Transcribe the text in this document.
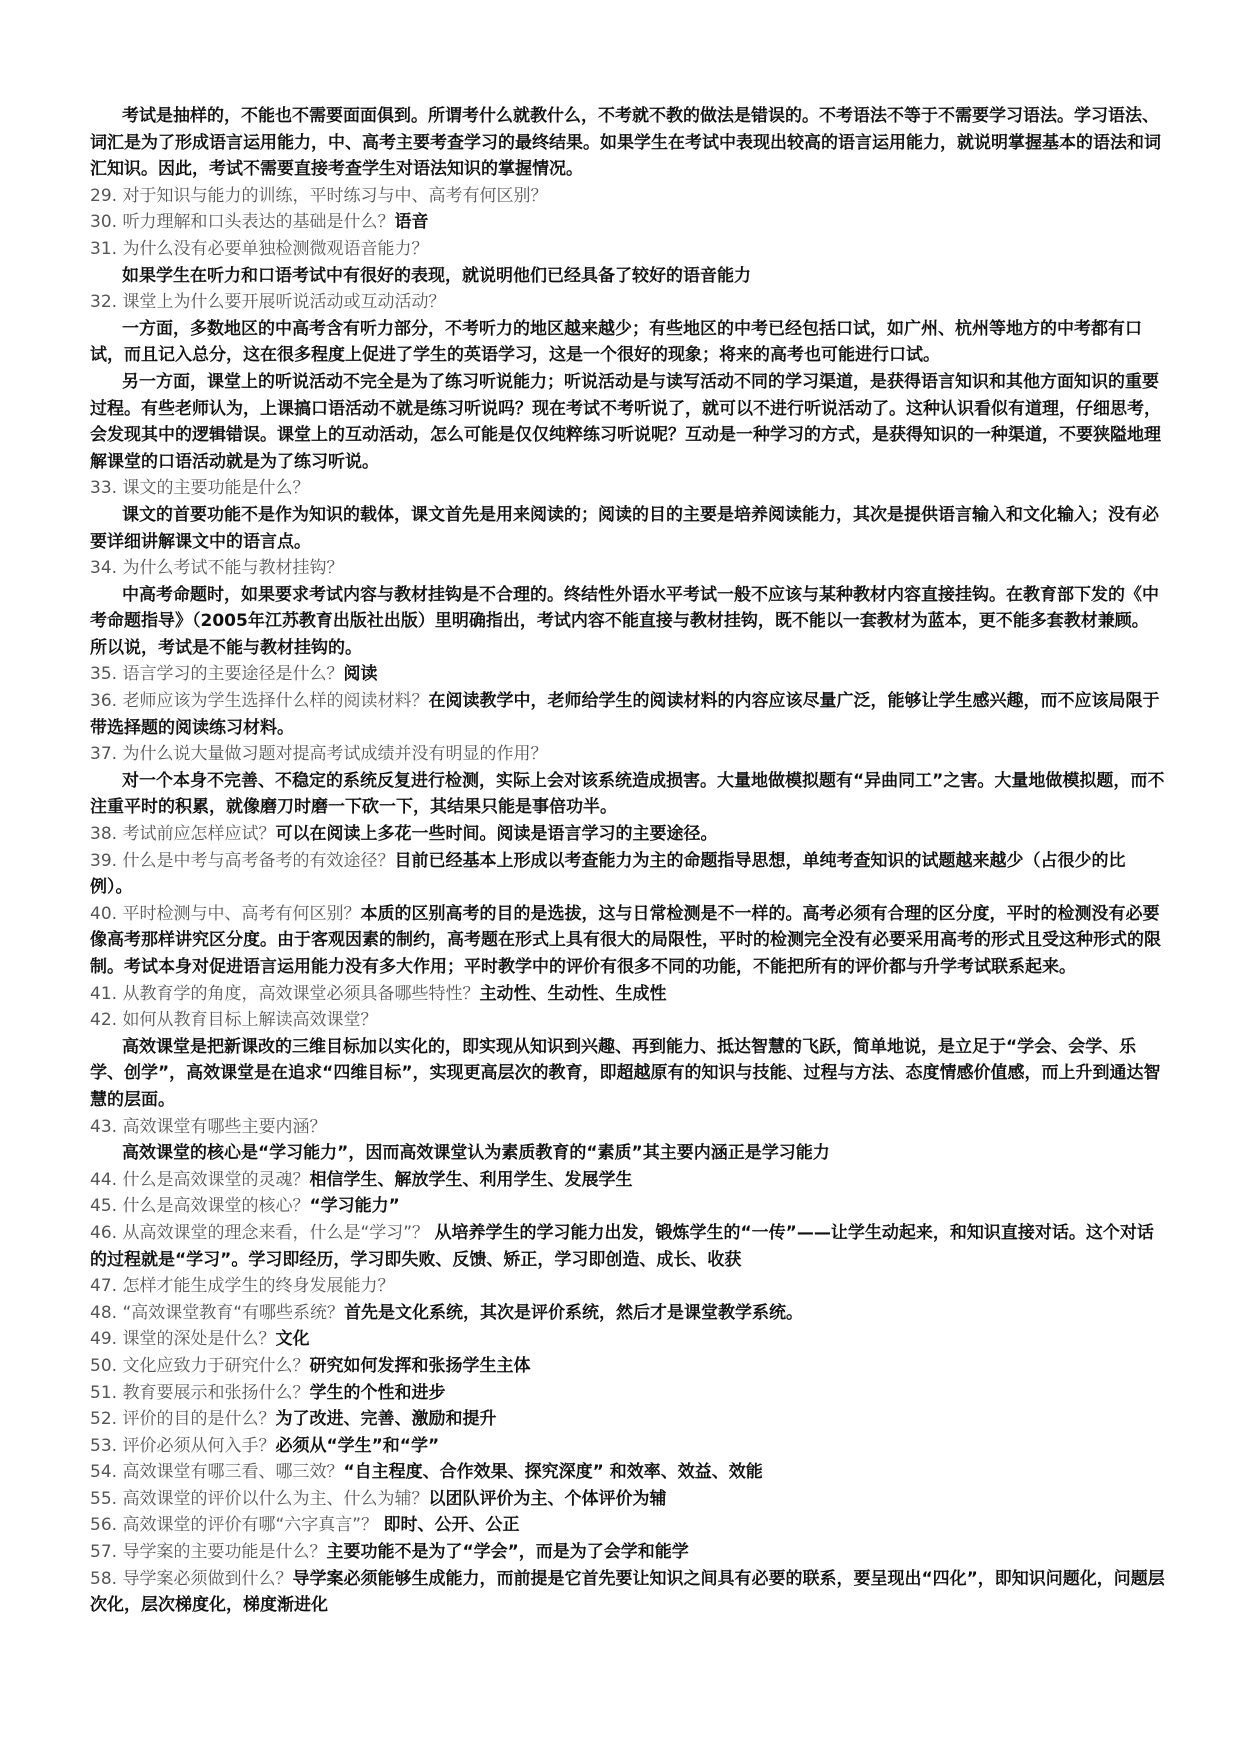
考试是抽样的，不能也不需要面面俱到。所谓考什么就教什么，不考就不教的做法是错误的。不考语法不等于不需要学习语法。学习语法、词汇是为了形成语言运用能力，中、高考主要考查学习的最终结果。如果学生在考试中表现出较高的语言运用能力，就说明掌握基本的语法和词汇知识。因此，考试不需要直接考查学生对语法知识的掌握情况。

29. 对于知识与能力的训练，平时练习与中、高考有何区别？
30. 听力理解和口头表达的基础是什么？语音
31. 为什么没有必要单独检测微观语音能力？

如果学生在听力和口语考试中有很好的表现，就说明他们已经具备了较好的语音能力

32. 课堂上为什么要开展听说活动或互动活动？

一方面，多数地区的中高考含有听力部分，不考听力的地区越来越少；有些地区的中考已经包括口试，如广州、杭州等地方的中考都有口试，而且记入总分，这在很多程度上促进了学生的英语学习，这是一个很好的现象；将来的高考也可能进行口试。

另一方面，课堂上的听说活动不完全是为了练习听说能力；听说活动是与读写活动不同的学习渠道，是获得语言知识和其他方面知识的重要过程。有些老师认为，上课搞口语活动不就是练习听说吗？现在考试不考听说了，就可以不进行听说活动了。这种认识看似有道理，仔细思考，会发现其中的逻辑错误。课堂上的互动活动，怎么可能是仅仅纯粹练习听说呢？互动是一种学习的方式，是获得知识的一种渠道，不要狭隘地理解课堂的口语活动就是为了练习听说。

33. 课文的主要功能是什么？

课文的首要功能不是作为知识的载体，课文首先是用来阅读的；阅读的目的主要是培养阅读能力，其次是提供语言输入和文化输入；没有必要详细讲解课文中的语言点。

34. 为什么考试不能与教材挂钩？

中高考命题时，如果要求考试内容与教材挂钩是不合理的。终结性外语水平考试一般不应该与某种教材内容直接挂钩。在教育部下发的《中考命题指导》（2005年江苏教育出版社出版）里明确指出，考试内容不能直接与教材挂钩，既不能以一套教材为蓝本，更不能多套教材兼顾。所以说，考试是不能与教材挂钩的。

35. 语言学习的主要途径是什么？阅读
36. 老师应该为学生选择什么样的阅读材料？在阅读教学中，老师给学生的阅读材料的内容应该尽量广泛，能够让学生感兴趣，而不应该局限于带选择题的阅读练习材料。
37. 为什么说大量做习题对提高考试成绩并没有明显的作用？

对一个本身不完善、不稳定的系统反复进行检测，实际上会对该系统造成损害。大量地做模拟题有“异曲同工”之害。大量地做模拟题，而不注重平时的积累，就像磨刀时磨一下砍一下，其结果只能是事倍功半。

38. 考试前应怎样应试？可以在阅读上多花一些时间。阅读是语言学习的主要途径。
39. 什么是中考与高考备考的有效途径？目前已经基本上形成以考查能力为主的命题指导思想，单纯考查知识的试题越来越少（占很少的比例）。
40. 平时检测与中、高考有何区别？本质的区别高考的目的是选拔，这与日常检测是不一样的。高考必须有合理的区分度，平时的检测没有必要像高考那样讲究区分度。由于客观因素的制约，高考题在形式上具有很大的局限性，平时的检测完全没有必要采用高考的形式且受这种形式的限制。考试本身对促进语言运用能力没有多大作用；平时教学中的评价有很多不同的功能，不能把所有的评价都与升学考试联系起来。
41. 从教育学的角度，高效课堂必须具备哪些特性？主动性、生动性、生成性
42. 如何从教育目标上解读高效课堂？

高效课堂是把新课改的三维目标加以实化的，即实现从知识到兴趣、再到能力、抵达智慧的飞跃，简单地说，是立足于“学会、会学、乐学、创学”，高效课堂是在追求“四维目标”，实现更高层次的教育，即超越原有的知识与技能、过程与方法、态度情感价值感，而上升到通达智慧的层面。

43. 高效课堂有哪些主要内涵？

高效课堂的核心是“学习能力”，因而高效课堂认为素质教育的“素质”其主要内涵正是学习能力

44. 什么是高效课堂的灵魂？相信学生、解放学生、利用学生、发展学生
45. 什么是高效课堂的核心？“学习能力”
46. 从高效课堂的理念来看，什么是“学习”？ 从培养学生的学习能力出发，锻炼学生的“一传”——让学生动起来，和知识直接对话。这个对话的过程就是“学习”。学习即经历，学习即失败、反馈、矫正，学习即创造、成长、收获
47. 怎样才能生成学生的终身发展能力？
48. “高效课堂教育“有哪些系统？首先是文化系统，其次是评价系统，然后才是课堂教学系统。
49. 课堂的深处是什么？文化
50. 文化应致力于研究什么？研究如何发挥和张扬学生主体
51. 教育要展示和张扬什么？学生的个性和进步
52. 评价的目的是什么？为了改进、完善、激励和提升
53. 评价必须从何入手？必须从“学生”和“学”
54. 高效课堂有哪三看、哪三效？“自主程度、合作效果、探究深度” 和效率、效益、效能
55. 高效课堂的评价以什么为主、什么为辅？以团队评价为主、个体评价为辅
56. 高效课堂的评价有哪“六字真言”？ 即时、公开、公正
57. 导学案的主要功能是什么？主要功能不是为了“学会”，而是为了会学和能学
58. 导学案必须做到什么？导学案必须能够生成能力，而前提是它首先要让知识之间具有必要的联系，要呈现出“四化”，即知识问题化，问题层次化，层次梯度化，梯度渐进化
